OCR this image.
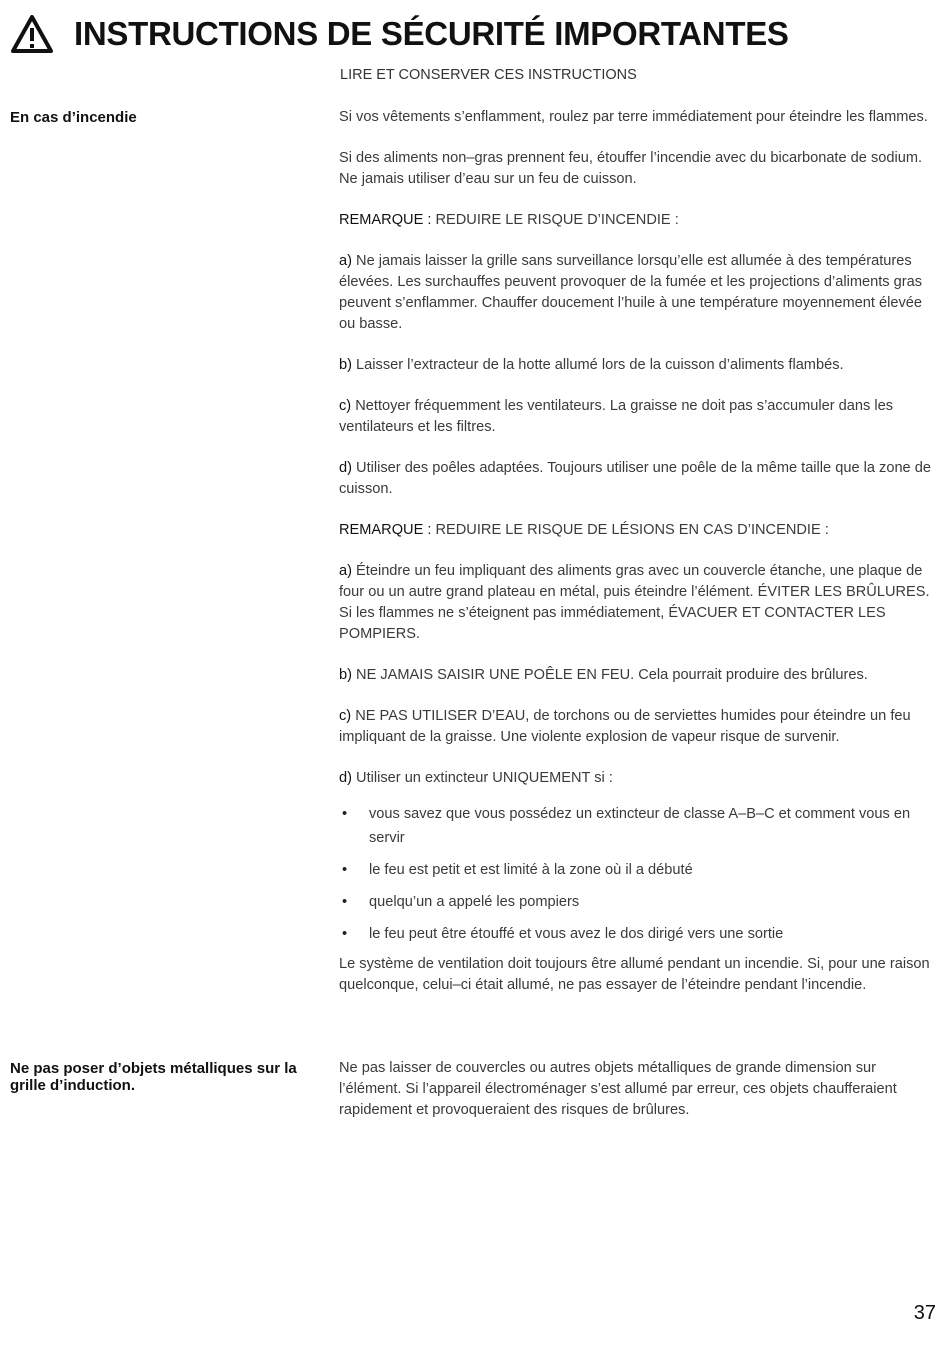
INSTRUCTIONS DE SÉCURITÉ IMPORTANTES

LIRE ET CONSERVER CES INSTRUCTIONS

En cas d’incendie	Si vos vêtements s’enflamment, roulez par terre immédiatement pour éteindre les flammes.

Si des aliments non–gras prennent feu, étouffer l’incendie avec du bicarbonate de sodium. Ne jamais utiliser d’eau sur un feu de cuisson.

REMARQUE : REDUIRE LE RISQUE D’INCENDIE :

a) Ne jamais laisser la grille sans surveillance lorsqu’elle est allumée à des températures élevées. Les surchauffes peuvent provoquer de la fumée et les projections d’aliments gras peuvent s’enflammer. Chauffer doucement l’huile à une température moyennement élevée ou basse.

b) Laisser l’extracteur de la hotte allumé lors de la cuisson d’aliments flambés.

c) Nettoyer fréquemment les ventilateurs. La graisse ne doit pas s’accumuler dans les ventilateurs et les filtres.

d) Utiliser des poêles adaptées. Toujours utiliser une poêle de la même taille que la zone de cuisson.

REMARQUE : REDUIRE LE RISQUE DE LÉSIONS EN CAS D’INCENDIE :

a) Éteindre un feu impliquant des aliments gras avec un couvercle étanche, une plaque de four ou un autre grand plateau en métal, puis éteindre l’élément. ÉVITER LES BRÛLURES. Si les flammes ne s’éteignent pas immédiatement, ÉVACUER ET CONTACTER LES POMPIERS.

b) NE JAMAIS SAISIR UNE POÊLE EN FEU. Cela pourrait produire des brûlures.

c) NE PAS UTILISER D’EAU, de torchons ou de serviettes humides pour éteindre un feu impliquant de la graisse. Une violente explosion de vapeur risque de survenir.

d) Utiliser un extincteur UNIQUEMENT si :

• vous savez que vous possédez un extincteur de classe A–B–C et comment vous en servir
• le feu est petit et est limité à la zone où il a débuté
• quelqu’un a appelé les pompiers
• le feu peut être étouffé et vous avez le dos dirigé vers une sortie

Le système de ventilation doit toujours être allumé pendant un incendie. Si, pour une raison quelconque, celui–ci était allumé, ne pas essayer de l’éteindre pendant l’incendie.

Ne pas poser d’objets métalliques sur la grille d’induction.

Ne pas laisser de couvercles ou autres objets métalliques de grande dimension sur l’élément. Si l’appareil électroménager s’est allumé par erreur, ces objets chaufferaient rapidement et provoqueraient des risques de brûlures.

37
